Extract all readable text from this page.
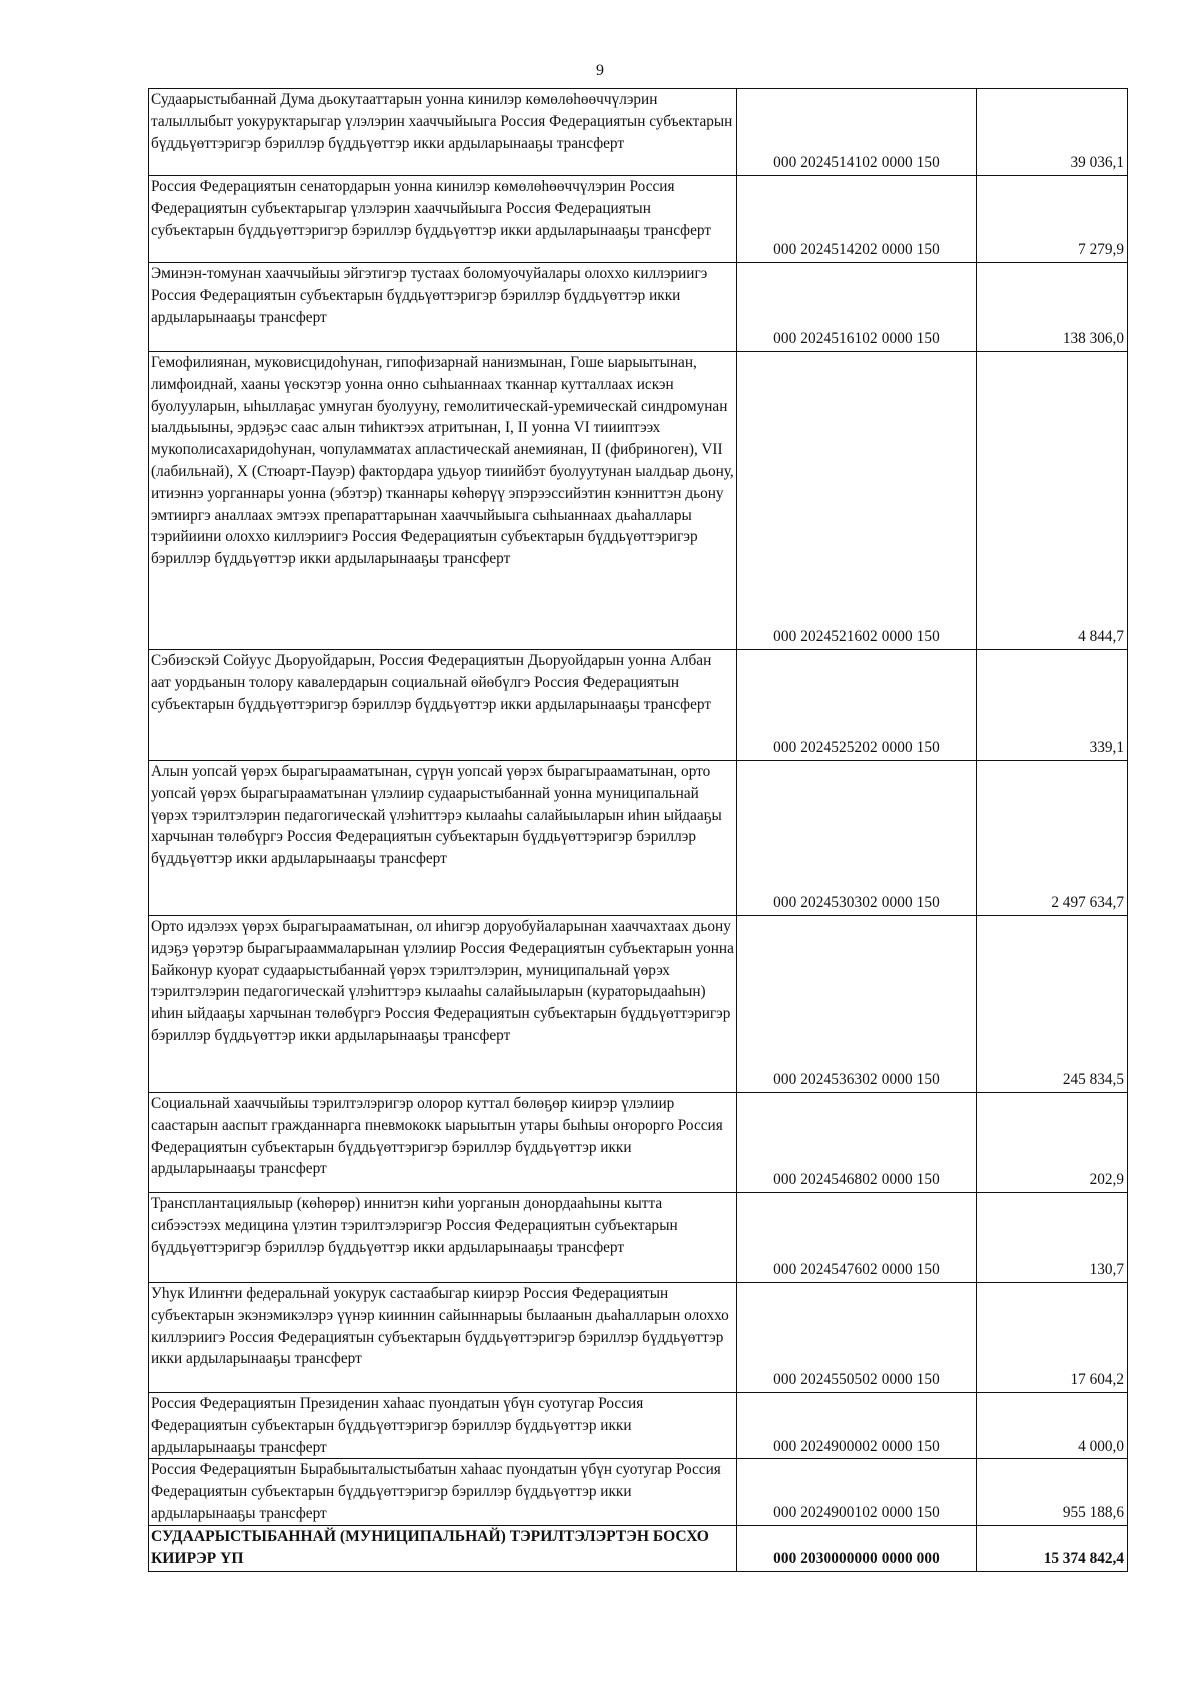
9
Судаарыстыбаннай Дума дьокутааттарын уонна кинилэр көмөлөһөөччүлэрин талыллыбыт уокуруктарыгар үлэлэрин хааччыйыыга Россия Федерациятын субъектарын бүддьүөттэригэр бэриллэр бүддьүөттэр икки ардыларынааҕы трансферт	000 2024514102 0000 150	39 036,1
Россия Федерациятын сенатордарын уонна кинилэр көмөлөһөөччүлэрин Россия Федерациятын субъектарыгар үлэлэрин хааччыйыыга Россия Федерациятын субъектарын бүддьүөттэригэр бэриллэр бүддьүөттэр икки ардыларынааҕы трансферт	000 2024514202 0000 150	7 279,9
Эминэн-томунан хааччыйыы эйгэтигэр тустаах боломуочуйалары олоххо киллэриигэ Россия Федерациятын субъектарын бүддьүөттэригэр бэриллэр бүддьүөттэр икки ардыларынааҕы трансферт	000 2024516102 0000 150	138 306,0
Гемофилиянан, муковисцидоһунан, гипофизарнай нанизмынан, Гоше ыарыытынан, лимфоиднай, хааны үөскэтэр уонна онно сыһыаннаах тканнар кутталлаах искэн буолууларын, ыһыллаҕас умнуган буолууну, гемолитическай-уремическай синдромунан ыалдьыыны, эрдэҕэс саас алын тиһиктээх атритынан, I, II уонна VI тиииптээх мукополисахаридоһунан, чопуламматах апластическай анемиянан, II (фибриноген), VII (лабильнай), X (Стюарт-Пауэр) фактордара удьуор тииийбэт буолуутунан ыалдьар дьону, итиэннэ уорганнары уонна (эбэтэр) тканнары көһөрүү эпэрээссийэтин кэнниттэн дьону эмтииргэ аналлаах эмтээх препараттарынан хааччыйыыга сыһыаннаах дьаһаллары тэрийиини олоххо киллэриигэ Россия Федерациятын субъектарын бүддьүөттэригэр бэриллэр бүддьүөттэр икки ардыларынааҕы трансферт	000 2024521602 0000 150	4 844,7
Сэбиэскэй Сойуус Дьоруойдарын, Россия Федерациятын Дьоруойдарын уонна Албан аат уордьанын толору кавалердарын социальнай өйөбүлгэ Россия Федерациятын субъектарын бүддьүөттэригэр бэриллэр бүддьүөттэр икки ардыларынааҕы трансферт	000 2024525202 0000 150	339,1
Алын уопсай үөрэх бырагырааматынан, сүрүн уопсай үөрэх бырагырааматынан, орто уопсай үөрэх бырагырааматынан үлэлиир судаарыстыбаннай уонна муниципальнай үөрэх тэрилтэлэрин педагогическай үлэһиттэрэ кылааһы салайыыларын иһин ыйдааҕы харчынан төлөбүргэ Россия Федерациятын субъектарын бүддьүөттэригэр бэриллэр бүддьүөттэр икки ардыларынааҕы трансферт	000 2024530302 0000 150	2 497 634,7
Орто идэлээх үөрэх бырагырааматынан, ол иһигэр доруобуйаларынан хааччахтаах дьону идэҕэ үөрэтэр бырагырааммаларынан үлэлиир Россия Федерациятын субъектарын уонна Байконур куорат судаарыстыбаннай үөрэх тэрилтэлэрин, муниципальнай үөрэх тэрилтэлэрин педагогическай үлэһиттэрэ кылааһы салайыыларын (кураторыдааһын) иһин ыйдааҕы харчынан төлөбүргэ Россия Федерациятын субъектарын бүддьүөттэригэр бэриллэр бүддьүөттэр икки ардыларынааҕы трансферт	000 2024536302 0000 150	245 834,5
Социальнай хааччыйыы тэрилтэлэригэр олорор куттал бөлөҕөр киирэр үлэлиир саастарын ааспыт гражданнарга пневмококк ыарыытын утары быһыы оҥорорго Россия Федерациятын субъектарын бүддьүөттэригэр бэриллэр бүддьүөттэр икки ардыларынааҕы трансферт	000 2024546802 0000 150	202,9
Трансплантациялыыр (көһөрөр) иннитэн киһи уорганын донордааһыны кытта сибээстээх медицина үлэтин тэрилтэлэригэр Россия Федерациятын субъектарын бүддьүөттэригэр бэриллэр бүддьүөттэр икки ардыларынааҕы трансферт	000 2024547602 0000 150	130,7
Уһук Илиҥҥи федеральнай уокурук састаабыгар киирэр Россия Федерациятын субъектарын экэнэмикэлэрэ үүнэр кииннин сайыннарыы былаанын дьаһалларын олоххо киллэриигэ Россия Федерациятын субъектарын бүддьүөттэригэр бэриллэр бүддьүөттэр икки ардыларынааҕы трансферт	000 2024550502 0000 150	17 604,2
Россия Федерациятын Президенин хаһаас пуондатын үбүн суотугар Россия Федерациятын субъектарын бүддьүөттэригэр бэриллэр бүддьүөттэр икки ардыларынааҕы трансферт	000 2024900002 0000 150	4 000,0
Россия Федерациятын Бырабыыталыстыбатын хаһаас пуондатын үбүн суотугар Россия Федерациятын субъектарын бүддьүөттэригэр бэриллэр бүддьүөттэр икки ардыларынааҕы трансферт	000 2024900102 0000 150	955 188,6
СУДААРЫСТЫБАННАЙ (МУНИЦИПАЛЬНАЙ) ТЭРИЛТЭЛЭРТЭН БОСХО КИИРЭР ҮП	000 2030000000 0000 000	15 374 842,4
